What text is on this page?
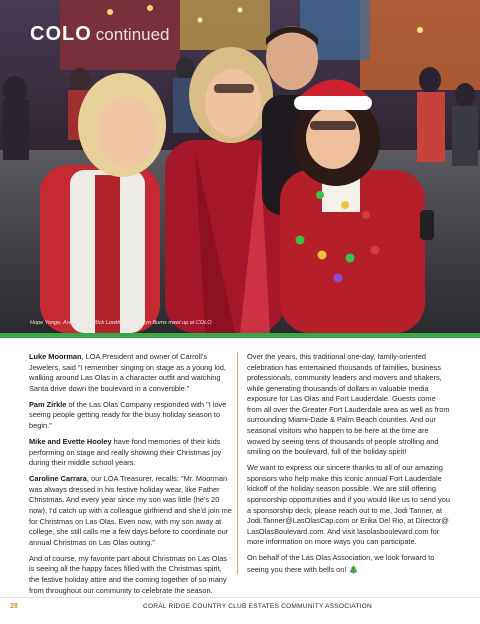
COLO continued
Hope Yonge, Ann Moody, Rick Lowther & Carolyn Burns meet up at COLO

Luke Moorman, LOA President and owner of Carroll's Jewelers, said "I remember singing on stage as a young kid, walking around Las Olas in a character outfit and watching Santa drive down the boulevard in a convertible."

Pam Zirkle of the Las Olas Company responded with "I love seeing people getting ready for the busy holiday season to begin."

Mike and Evette Hooley have fond memories of their kids performing on stage and really showing their Christmas joy during their middle school years.

Caroline Carrara, our LOA Treasurer, recalls: "Mr. Moorman was always dressed in his festive holiday wear, like Father Christmas. And every year since my son was little (he's 20 now), I'd catch up with a colleague girlfriend and she'd join me for Christmas on Las Olas. Even now, with my son away at college, she still calls me a few days before to coordinate our annual Christmas on Las Olas outing."

And of course, my favorite part about Christmas on Las Olas is seeing all the happy faces filled with the Christmas spirit, the festive holiday attire and the coming together of so many from throughout our community to celebrate the season.

Over the years, this traditional one-day, family-oriented celebration has entertained thousands of families, business professionals, community leaders and movers and shakers, while generating thousands of dollars in valuable media exposure for Las Olas and Fort Lauderdale. Guests come from all over the Greater Fort Lauderdale area as well as from surrounding Miami-Dade & Palm Beach counties. And our seasonal visitors who happen to be here at the time are wowed by seeing tens of thousands of people strolling and smiling on the boulevard, full of the holiday spirit!

We want to express our sincere thanks to all of our amazing sponsors who help make this iconic annual Fort Lauderdale kickoff of the holiday season possible. We are still offering sponsorship opportunities and if you would like us to send you a sponsorship deck, please reach out to me, Jodi Tanner, at Jodi.Tanner@LasOlasCap.com or Erika Del Rio, at Director@ LasOlasBoulevard.com. And visit lasolasboulevard.com for more information on more ways you can participate.

On behalf of the Las Olas Association, we look forward to seeing you there with bells on! 🎄

28	CORAL RIDGE COUNTRY CLUB ESTATES COMMUNITY ASSOCIATION
